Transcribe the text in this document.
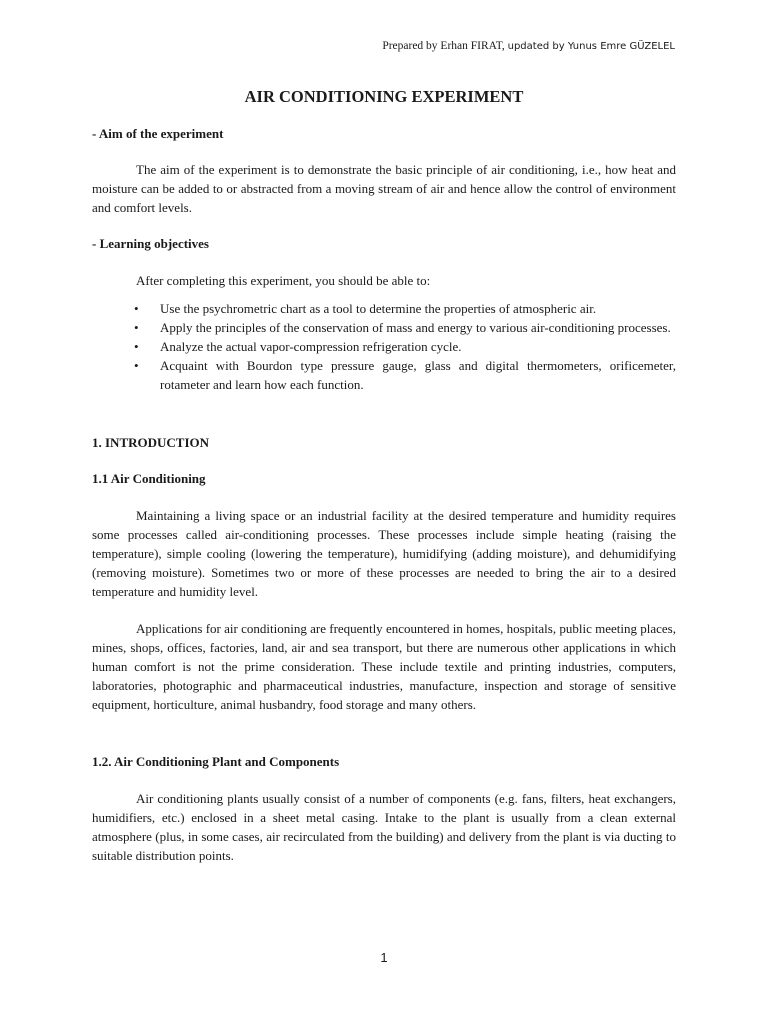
Prepared by Erhan FIRAT, updated by Yunus Emre GÜZELEL
AIR CONDITIONING EXPERIMENT
- Aim of the experiment

The aim of the experiment is to demonstrate the basic principle of air conditioning, i.e., how heat and moisture can be added to or abstracted from a moving stream of air and hence allow the control of environment and comfort levels.

- Learning objectives

After completing this experiment, you should be able to:

• Use the psychrometric chart as a tool to determine the properties of atmospheric air.
• Apply the principles of the conservation of mass and energy to various air-conditioning processes.
• Analyze the actual vapor-compression refrigeration cycle.
• Acquaint with Bourdon type pressure gauge, glass and digital thermometers, orificemeter, rotameter and learn how each function.
1. INTRODUCTION
1.1 Air Conditioning

Maintaining a living space or an industrial facility at the desired temperature and humidity requires some processes called air-conditioning processes. These processes include simple heating (raising the temperature), simple cooling (lowering the temperature), humidifying (adding moisture), and dehumidifying (removing moisture). Sometimes two or more of these processes are needed to bring the air to a desired temperature and humidity level.

Applications for air conditioning are frequently encountered in homes, hospitals, public meeting places, mines, shops, offices, factories, land, air and sea transport, but there are numerous other applications in which human comfort is not the prime consideration. These include textile and printing industries, computers, laboratories, photographic and pharmaceutical industries, manufacture, inspection and storage of sensitive equipment, horticulture, animal husbandry, food storage and many others.

1.2. Air Conditioning Plant and Components

Air conditioning plants usually consist of a number of components (e.g. fans, filters, heat exchangers, humidifiers, etc.) enclosed in a sheet metal casing. Intake to the plant is usually from a clean external atmosphere (plus, in some cases, air recirculated from the building) and delivery from the plant is via ducting to suitable distribution points.

1
